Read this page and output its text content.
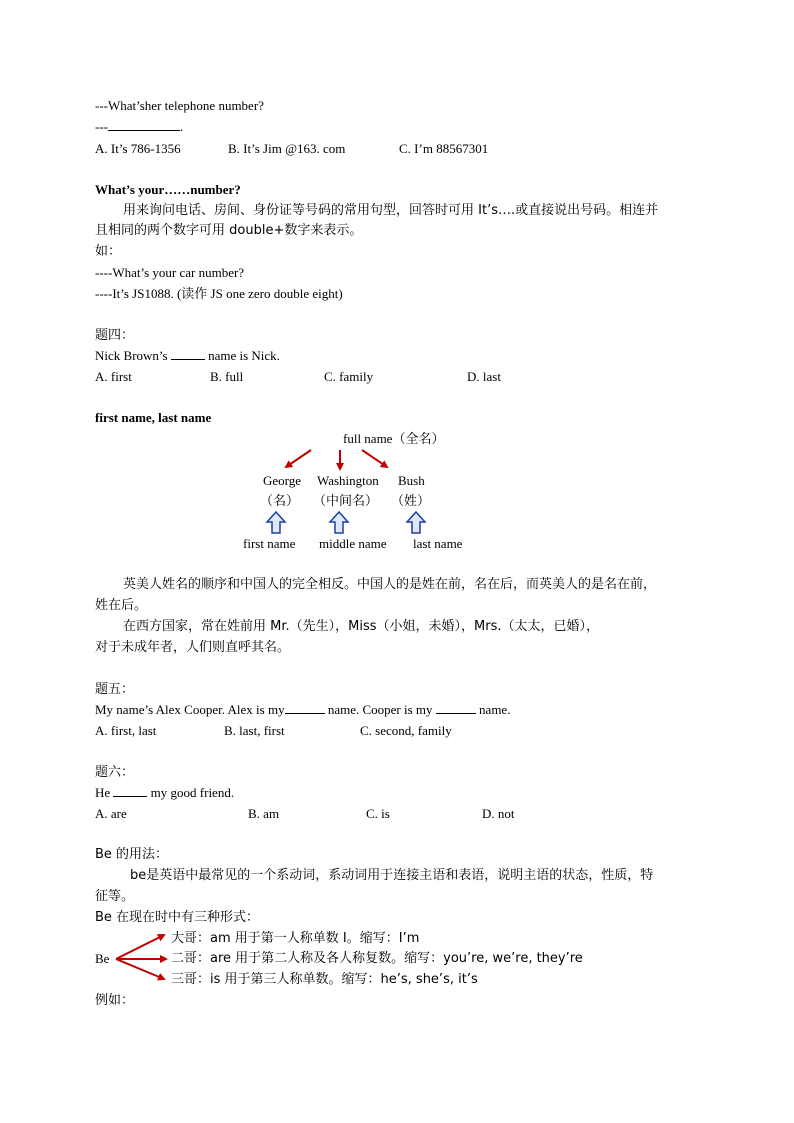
---What’sher telephone number?
---	.
A. It’s 786-1356	B. It’s Jim @163. com	C. I’m 88567301
What’s your……number?
用来询问电话、房间、身份证等号码的常用句型，回答时可用 It’s….或直接说出号码。相连并
且相同的两个数字可用 double+数字来表示。
如：
----What’s your car number?
----It’s JS1088. (读作 JS one zero double eight)
题四：
Nick Brown’s	name is Nick.
A. first	B. full	C. family	D. last
first name, last name
full name（全名）
George Washington Bush
（名） （中间名） （姓）
first name middle name last name
英美人姓名的顺序和中国人的完全相反。中国人的是姓在前，名在后，而英美人的是名在前，
姓在后。
在西方国家，常在姓前用 Mr.（先生），Miss（小姐，未婚），Mrs.（太太，已婚），
对于未成年者，人们则直呼其名。
题五：
My name’s Alex Cooper. Alex is my	name. Cooper is my	name.
A. first, last	B. last, first	C. second, family
题六：
He	my good friend.
A. are	B. am	C. is	D. not
Be 的用法：
be是英语中最常见的一个系动词，系动词用于连接主语和表语，说明主语的状态，性质，特
征等。
Be 在现在时中有三种形式：
Be
大哥：am 用于第一人称单数 I。缩写：I’m
二哥：are 用于第二人称及各人称复数。缩写：you’re, we’re, they’re
三哥：is 用于第三人称单数。缩写：he’s, she’s, it’s
例如：
